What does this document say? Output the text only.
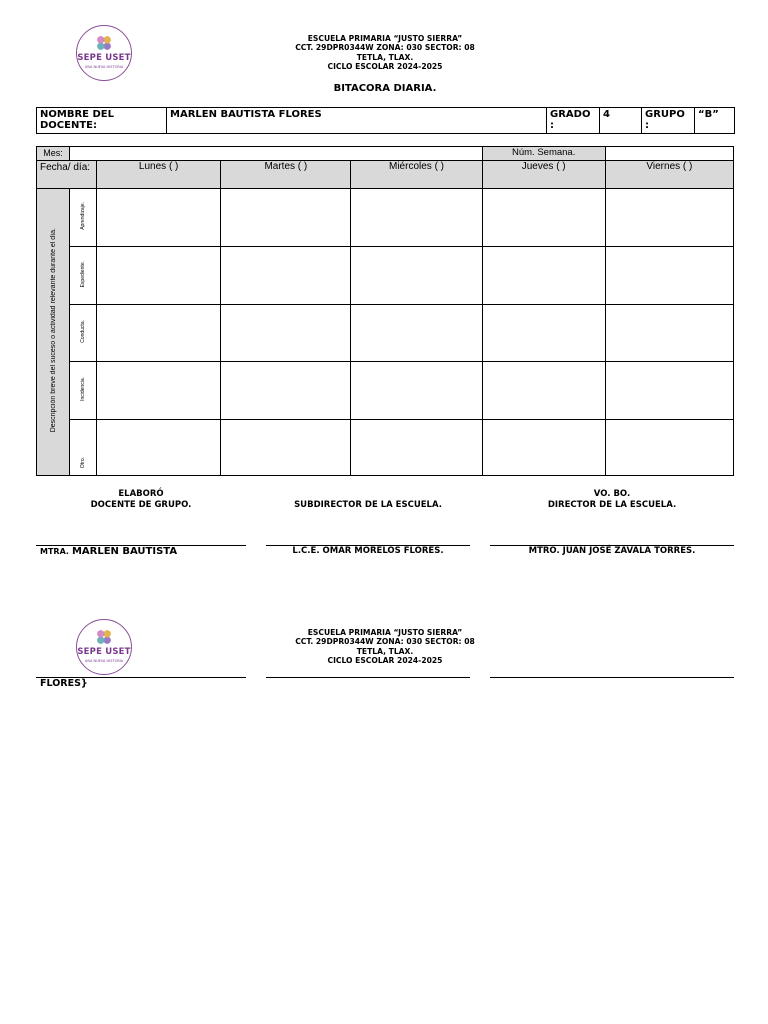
SEPE USET
UNA NUEVA HISTORIA
ESCUELA PRIMARIA “JUSTO SIERRA”
CCT. 29DPR0344W ZONA: 030 SECTOR: 08
TETLA, TLAX.
CICLO ESCOLAR 2024-2025
BITACORA DIARIA.
NOMBRE DEL DOCENTE:	MARLEN BAUTISTA FLORES	GRADO :	4	GRUPO :	“B”
Mes:					Núm. Semana.	
Fecha/ día:		Lunes ( )	Martes ( )	Miércoles ( )	Jueves ( )	Viernes ( )
Descripción breve del suceso o actividad relevante durante el día.	Aprendizaje.					
	Expediente.					
	Conducta.					
	Incidencia.					
	Otro.					
ELABORÓ
DOCENTE DE GRUPO.	SUBDIRECTOR DE LA ESCUELA.
VO. BO.
DIRECTOR DE LA ESCUELA.
MTRA. MARLEN BAUTISTA	L.C.E. OMAR MORELOS FLORES.	MTRO. JUAN JOSÉ ZAVALA TORRES.
SEPE USET
UNA NUEVA HISTORIA
ESCUELA PRIMARIA “JUSTO SIERRA”
CCT. 29DPR0344W ZONA: 030 SECTOR: 08
TETLA, TLAX.
CICLO ESCOLAR 2024-2025
FLORES}
